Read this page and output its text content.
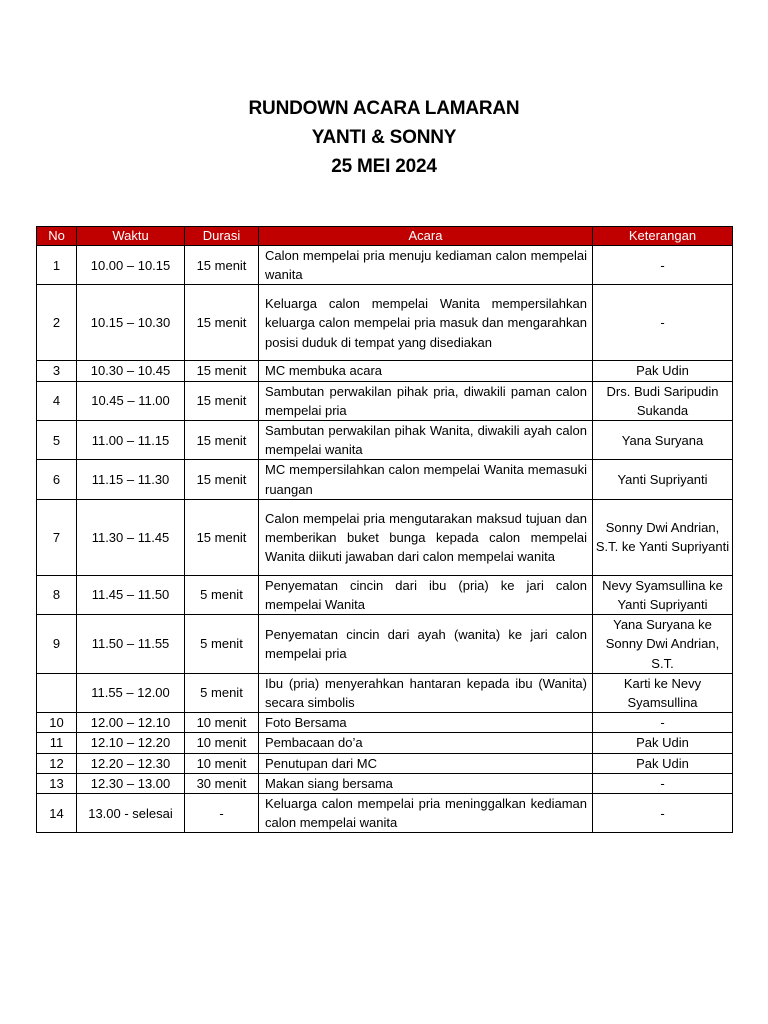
RUNDOWN ACARA LAMARAN
YANTI & SONNY
25 MEI 2024
No	Waktu	Durasi	Acara	Keterangan
1	10.00 – 10.15	15 menit	Calon mempelai pria menuju kediaman calon mempelai wanita	-
2	10.15 – 10.30	15 menit	Keluarga calon mempelai Wanita mempersilahkan keluarga calon mempelai pria masuk dan mengarahkan posisi duduk di tempat yang disediakan	-
3	10.30 – 10.45	15 menit	MC membuka acara	Pak Udin
4	10.45 – 11.00	15 menit	Sambutan perwakilan pihak pria, diwakili paman calon mempelai pria	Drs. Budi Saripudin Sukanda
5	11.00 – 11.15	15 menit	Sambutan perwakilan pihak Wanita, diwakili ayah calon mempelai wanita	Yana Suryana
6	11.15 – 11.30	15 menit	MC mempersilahkan calon mempelai Wanita memasuki ruangan	Yanti Supriyanti
7	11.30 – 11.45	15 menit	Calon mempelai pria mengutarakan maksud tujuan dan memberikan buket bunga kepada calon mempelai Wanita diikuti jawaban dari calon mempelai wanita	Sonny Dwi Andrian, S.T. ke Yanti Supriyanti
8	11.45 – 11.50	5 menit	Penyematan cincin dari ibu (pria) ke jari calon mempelai Wanita	Nevy Syamsullina ke Yanti Supriyanti
9	11.50 – 11.55	5 menit	Penyematan cincin dari ayah (wanita) ke jari calon mempelai pria	Yana Suryana ke Sonny Dwi Andrian, S.T.
	11.55 – 12.00	5 menit	Ibu (pria) menyerahkan hantaran kepada ibu (Wanita) secara simbolis	Karti ke Nevy Syamsullina
10	12.00 – 12.10	10 menit	Foto Bersama	-
11	12.10 – 12.20	10 menit	Pembacaan do’a	Pak Udin
12	12.20 – 12.30	10 menit	Penutupan dari MC	Pak Udin
13	12.30 – 13.00	30 menit	Makan siang bersama	-
14	13.00 - selesai	-	Keluarga calon mempelai pria meninggalkan kediaman calon mempelai wanita	-
